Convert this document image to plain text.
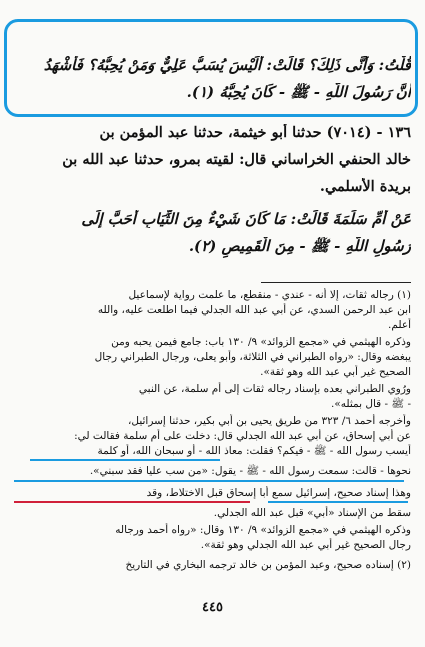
قُلْتُ: وَأَنَّى ذَلِكَ؟ قَالَتْ: أَلَيْسَ يُسَبُّ عَلِيٌّ وَمَنْ يُحِبُّهُ؟ فَأَشْهَدُ
أَنَّ رَسُولَ اللَّهِ - ﷺ - كَانَ يُحِبُّهُ (١).
١٣٦ - (٧٠١٤) حدثنا أبو خيثمة، حدثنا عبد المؤمن بن
خالد الحنفي الخراساني قال: لقيته بمرو، حدثنا عبد الله بن
بريدة الأسلمي.
عَنْ أُمِّ سَلَمَةَ قَالَتْ: مَا كَانَ شَيْءٌ مِنَ الثِّيَابِ أَحَبَّ إِلَى
رَسُولِ اللَّهِ - ﷺ - مِنَ الْقَمِيصِ (٢).
(١) رجاله ثقات، إلا أنه - عندي - منقطع، ما علمت رواية لإسماعيل
ابن عبد الرحمن السدي، عن أبي عبد الله الجدلي فيما اطلعت عليه، والله
أعلم.
وذكره الهيثمي في «مجمع الزوائد» ٩/ ١٣٠ باب: جامع فيمن يحبه ومن
يبغضه وقال: «رواه الطبراني في الثلاثة، وأبو يعلى، ورجال الطبراني رجال
الصحيح غير أبي عبد الله وهو ثقة».
ورُوي الطبراني بعده بإسناد رجاله ثقات إلى أم سلمة، عن النبي
- ﷺ - قال بمثله».
وأخرجه أحمد ٦/ ٣٢٣ من طريق يحيى بن أبي بكير، حدثنا إسرائيل،
عن أبي إسحاق، عن أبي عبد الله الجدلي قال: دخلت على أم سلمة فقالت لي:
أيسب رسول الله - ﷺ - فيكم؟ فقلت: معاذ الله - أو سبحان الله، أو كلمة
نحوها - قالت: سمعت رسول الله - ﷺ - يقول: «من سب عليا فقد سبني».
وهذا إسناد صحيح، إسرائيل سمع أبا إسحاق قبل الاختلاط، وقد
سقط من الإسناد «أبي» قبل عبد الله الجدلي.
وذكره الهيثمي في «مجمع الزوائد» ٩/ ١٣٠ وقال: «رواه أحمد ورجاله
رجال الصحيح غير أبي عبد الله الجدلي وهو ثقة».
(٢) إسناده صحيح، وعبد المؤمن بن خالد ترجمه البخاري في التاريخ
٤٤٥
